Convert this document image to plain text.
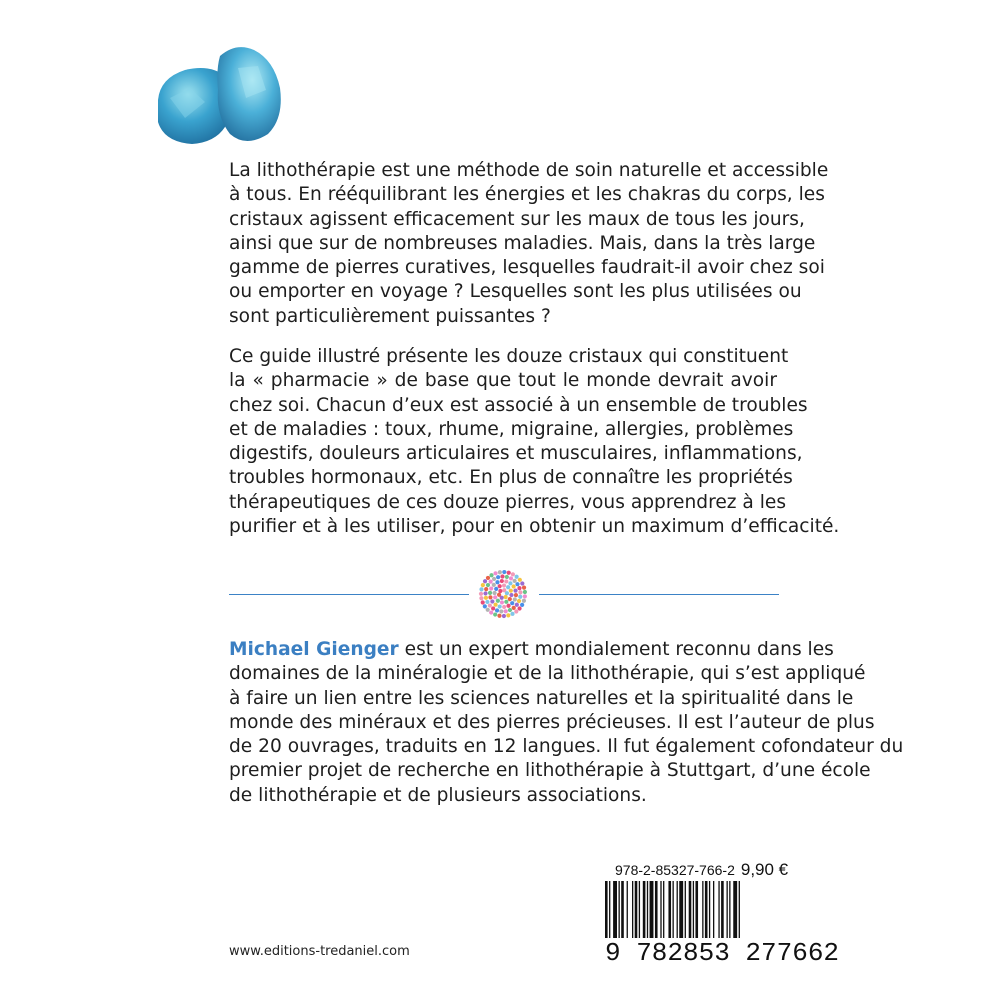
La lithothérapie est une méthode de soin naturelle et accessible
à tous. En rééquilibrant les énergies et les chakras du corps, les
cristaux agissent efficacement sur les maux de tous les jours,
ainsi que sur de nombreuses maladies. Mais, dans la très large
gamme de pierres curatives, lesquelles faudrait-il avoir chez soi
ou emporter en voyage ? Lesquelles sont les plus utilisées ou
sont particulièrement puissantes ?

Ce guide illustré présente les douze cristaux qui constituent
la « pharmacie » de base que tout le monde devrait avoir
chez soi. Chacun d’eux est associé à un ensemble de troubles
et de maladies : toux, rhume, migraine, allergies, problèmes
digestifs, douleurs articulaires et musculaires, inflammations,
troubles hormonaux, etc. En plus de connaître les propriétés
thérapeutiques de ces douze pierres, vous apprendrez à les
purifier et à les utiliser, pour en obtenir un maximum d’efficacité.

Michael Gienger est un expert mondialement reconnu dans les
domaines de la minéralogie et de la lithothérapie, qui s’est appliqué
à faire un lien entre les sciences naturelles et la spiritualité dans le
monde des minéraux et des pierres précieuses. Il est l’auteur de plus
de 20 ouvrages, traduits en 12 langues. Il fut également cofondateur du
premier projet de recherche en lithothérapie à Stuttgart, d’une école
de lithothérapie et de plusieurs associations.

978-2-85327-766-2 9,90 €
9 782853 277662
www.editions-tredaniel.com
